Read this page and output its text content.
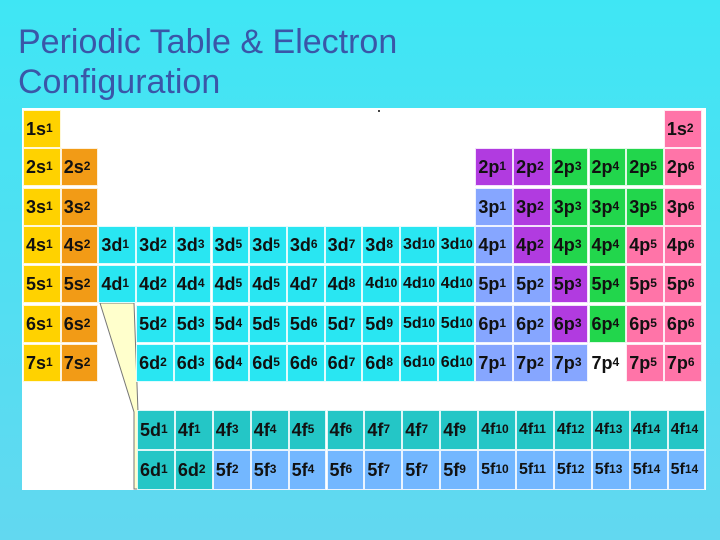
Periodic Table & Electron
Configuration
$1s^1$	$1s^2$
$2s^1$ $2s^2$	$2p^1$ $2p^2$ $2p^3$ $2p^4$ $2p^5$ $2p^6$
$3s^1$ $3s^2$	$3p^1$ $3p^2$ $3p^3$ $3p^4$ $3p^5$ $3p^6$
$4s^1$ $4s^2$ $3d^1$ $3d^2$ $3d^3$ $3d^5$ $3d^5$ $3d^6$ $3d^7$ $3d^8$ $3d^{10}$ $3d^{10}$ $4p^1$ $4p^2$ $4p^3$ $4p^4$ $4p^5$ $4p^6$
$5s^1$ $5s^2$ $4d^1$ $4d^2$ $4d^4$ $4d^5$ $4d^5$ $4d^7$ $4d^8$ $4d^{10}$ $4d^{10}$ $4d^{10}$ $5p^1$ $5p^2$ $5p^3$ $5p^4$ $5p^5$ $5p^6$
$6s^1$ $6s^2$	$5d^2$ $5d^3$ $5d^4$ $5d^5$ $5d^6$ $5d^7$ $5d^9$ $5d^{10}$ $5d^{10}$ $6p^1$ $6p^2$ $6p^3$ $6p^4$ $6p^5$ $6p^6$
$7s^1$ $7s^2$	$6d^2$ $6d^3$ $6d^4$ $6d^5$ $6d^6$ $6d^7$ $6d^8$ $6d^{10}$ $6d^{10}$ $7p^1$ $7p^2$ $7p^3$ $7p^4$ $7p^5$ $7p^6$
$5d^1$ $4f^1$ $4f^3$ $4f^4$ $4f^5$ $4f^6$ $4f^7$ $4f^7$ $4f^9$ $4f^{10}$ $4f^{11}$ $4f^{12}$ $4f^{13}$ $4f^{14}$ $4f^{14}$
$6d^1$ $6d^2$ $5f^2$ $5f^3$ $5f^4$ $5f^6$ $5f^7$ $5f^7$ $5f^9$ $5f^{10}$ $5f^{11}$ $5f^{12}$ $5f^{13}$ $5f^{14}$ $5f^{14}$
